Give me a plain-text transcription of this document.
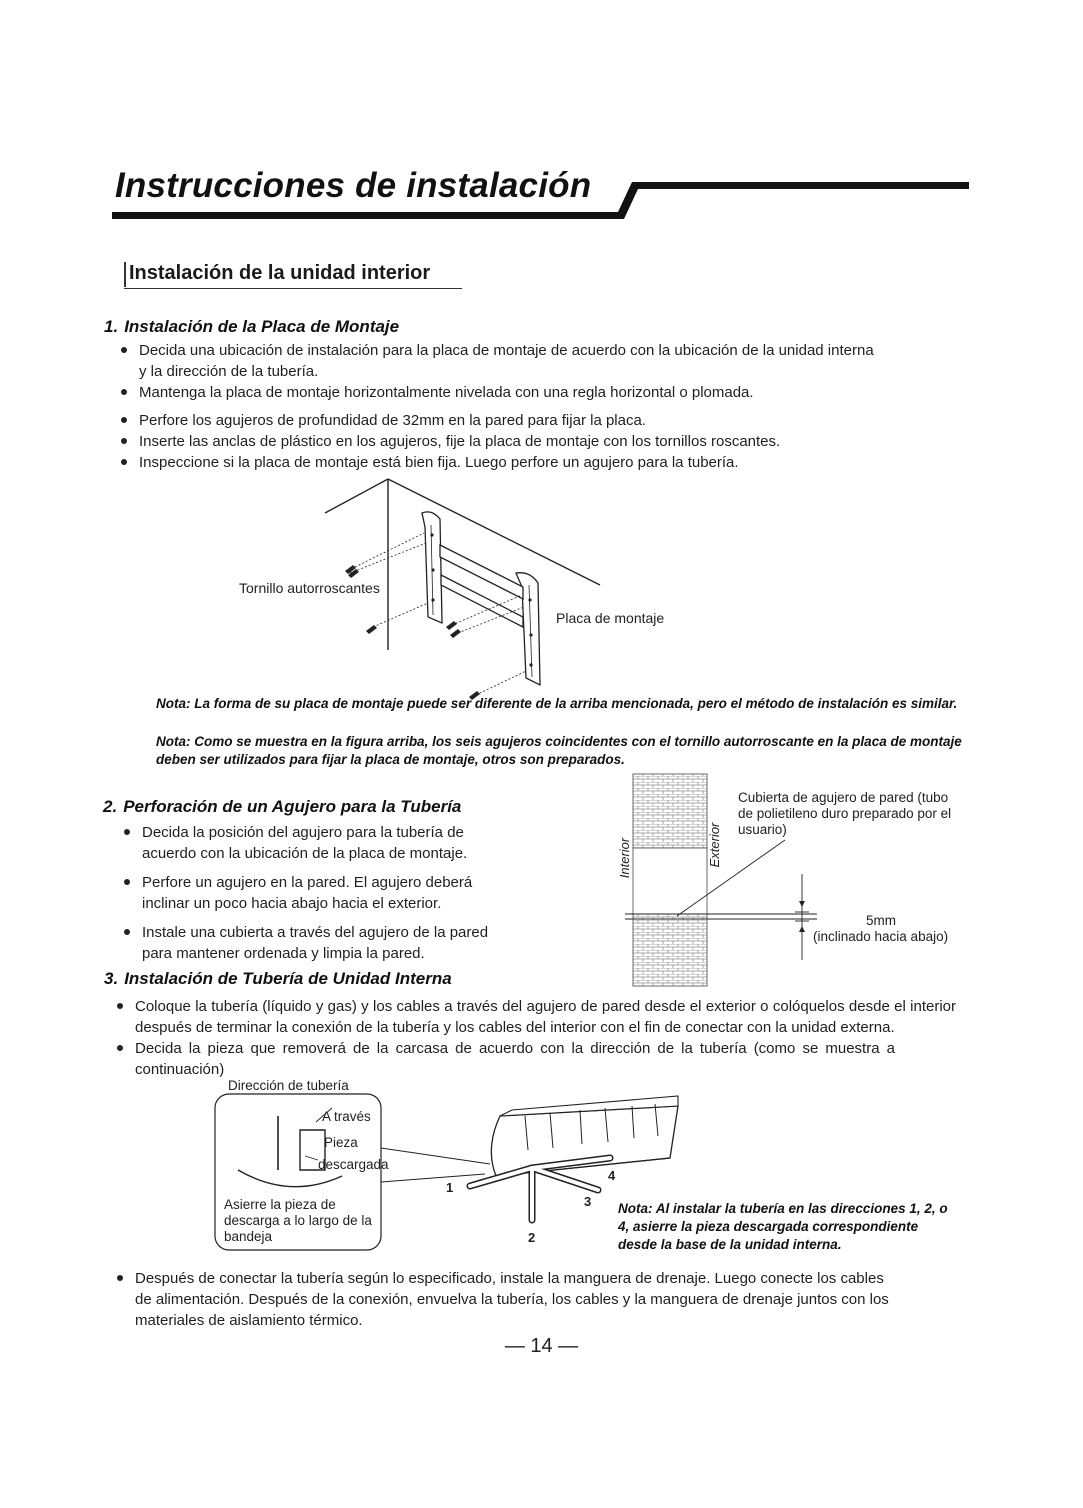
Instrucciones de instalación
Instalación de la unidad interior
1. Instalación de la Placa de Montaje
Decida una ubicación de instalación para la placa de montaje de acuerdo con la ubicación de la unidad interna y la dirección de la tubería.
Mantenga la placa de montaje horizontalmente nivelada con una regla horizontal o plomada.
Perfore los agujeros de profundidad de 32mm en la pared para fijar la placa.
Inserte las anclas de plástico en los agujeros, fije la placa de montaje con los tornillos roscantes.
Inspeccione si la placa de montaje está bien fija. Luego perfore un agujero para la tubería.
Tornillo autorroscantes
Placa de montaje
Nota: La forma de su placa de montaje puede ser diferente de la arriba mencionada, pero el método de instalación es similar.
Nota: Como se muestra en la figura arriba, los seis agujeros coincidentes con el tornillo autorroscante en la placa de montaje deben ser utilizados para fijar la placa de montaje, otros son preparados.
2. Perforación de un Agujero para la Tubería
Decida la posición del agujero para la tubería de acuerdo con la ubicación de la placa de montaje.
Perfore un agujero en la pared. El agujero deberá inclinar un poco hacia abajo hacia el exterior.
Instale una cubierta a través del agujero de la pared para mantener ordenada y limpia la pared.
Interior	Exterior
Cubierta de agujero de pared (tubo de polietileno duro preparado por el usuario)
5mm
(inclinado hacia abajo)
3. Instalación de Tubería de Unidad Interna
Coloque la tubería (líquido y gas) y los cables a través del agujero de pared desde el exterior o colóquelos desde el interior después de terminar la conexión de la tubería y los cables del interior con el fin de conectar con la unidad externa.
Decida la pieza que removerá de la carcasa de acuerdo con la dirección de la tubería (como se muestra a continuación)
1
2
3
4
Dirección de tubería
A través
Pieza
descargada
Asierre la pieza de descarga a lo largo de la bandeja
Nota: Al instalar la tubería en las direcciones 1, 2, o 4, asierre la pieza descargada correspondiente desde la base de la unidad interna.
Después de conectar la tubería según lo especificado, instale la manguera de drenaje. Luego conecte los cables de alimentación. Después de la conexión, envuelva la tubería, los cables y la manguera de drenaje juntos con los materiales de aislamiento térmico.
— 14 —
